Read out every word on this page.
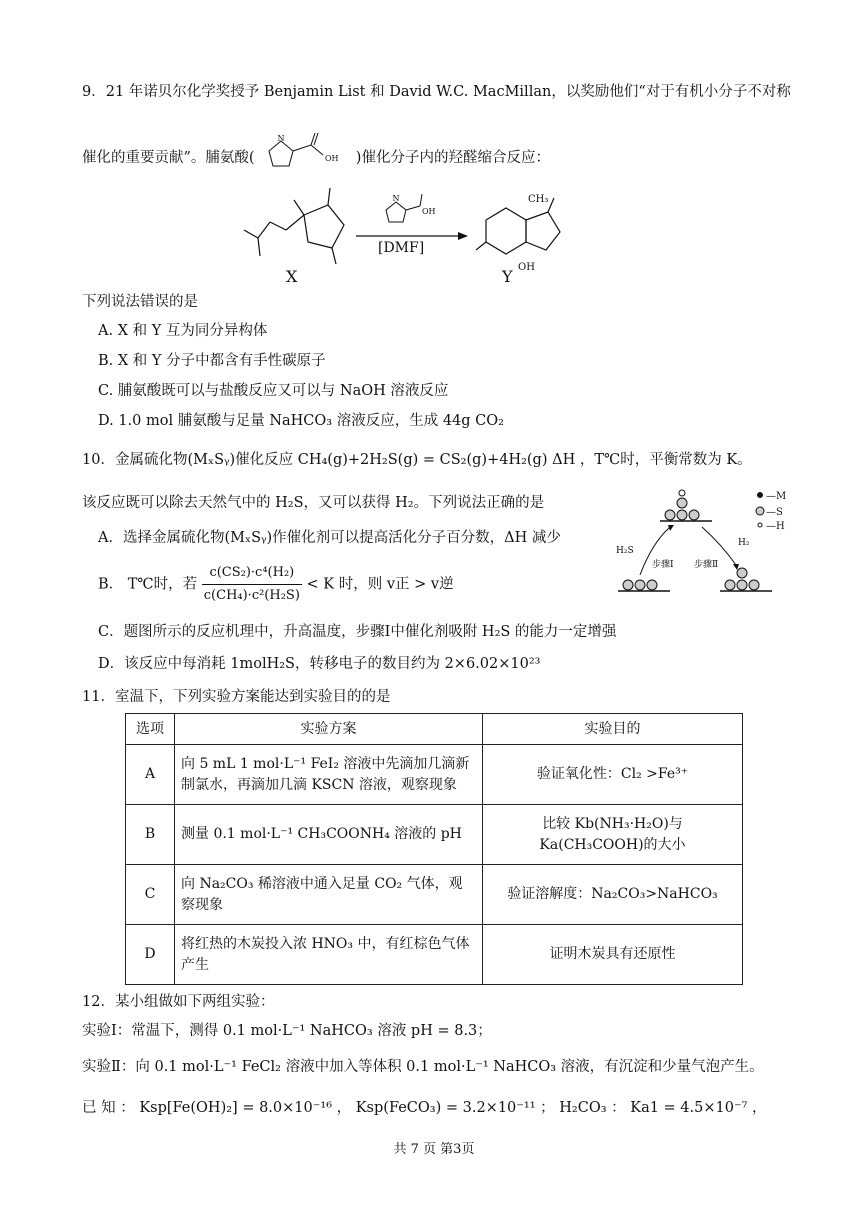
9．21 年诺贝尔化学奖授予 Benjamin List 和 David W.C. MacMillan，以奖励他们“对于有机小分子不对称
催化的重要贡献”。脯氨酸(
N
OH )催化分子内的羟醛缩合反应：
X
N
OH
[DMF]
CH₃
OH
Y
下列说法错误的是
A. X 和 Y 互为同分异构体
B. X 和 Y 分子中都含有手性碳原子
C. 脯氨酸既可以与盐酸反应又可以与 NaOH 溶液反应
D. 1.0 mol 脯氨酸与足量 NaHCO₃ 溶液反应，生成 44g CO₂
10．金属硫化物(MₓSᵧ)催化反应 CH₄(g)+2H₂S(g) = CS₂(g)+4H₂(g) ΔH ，T℃时，平衡常数为 K。
该反应既可以除去天然气中的 H₂S，又可以获得 H₂。下列说法正确的是
A．选择金属硫化物(MₓSᵧ)作催化剂可以提高活化分子百分数，ΔH 减少
B． T℃时，若 $\frac{\text{c(CS₂)·c⁴(H₂)}}{\text{c(CH₄)·c²(H₂S)}} < K$ 时，则 v正 > v逆
C．题图所示的反应机理中，升高温度，步骤Ⅰ中催化剂吸附 H₂S 的能力一定增强
D．该反应中每消耗 1molH₂S，转移电子的数目约为 2×6.02×10²³
—M
—S
—H
H₂S
H₂
步骤Ⅰ 步骤Ⅱ
11．室温下，下列实验方案能达到实验目的的是
选项	实验方案	实验目的
A	向 5 mL 1 mol·L⁻¹ FeI₂ 溶液中先滴加几滴新制氯水，再滴加几滴 KSCN 溶液，观察现象	验证氧化性：Cl₂ >Fe³⁺
B	测量 0.1 mol·L⁻¹ CH₃COONH₄ 溶液的 pH	比较 Kb(NH₃·H₂O)与 Ka(CH₃COOH)的大小
C	向 Na₂CO₃ 稀溶液中通入足量 CO₂ 气体，观察现象	验证溶解度：Na₂CO₃>NaHCO₃
D	将红热的木炭投入浓 HNO₃ 中，有红棕色气体产生	证明木炭具有还原性
12．某小组做如下两组实验：
实验Ⅰ：常温下，测得 0.1 mol·L⁻¹ NaHCO₃ 溶液 pH = 8.3；
实验Ⅱ：向 0.1 mol·L⁻¹ FeCl₂ 溶液中加入等体积 0.1 mol·L⁻¹ NaHCO₃ 溶液，有沉淀和少量气泡产生。
已 知 ： Ksp[Fe(OH)₂] = 8.0×10⁻¹⁶ ， Ksp(FeCO₃) = 3.2×10⁻¹¹ ； H₂CO₃ ： Ka1 = 4.5×10⁻⁷ ，
共 7 页 第3页
